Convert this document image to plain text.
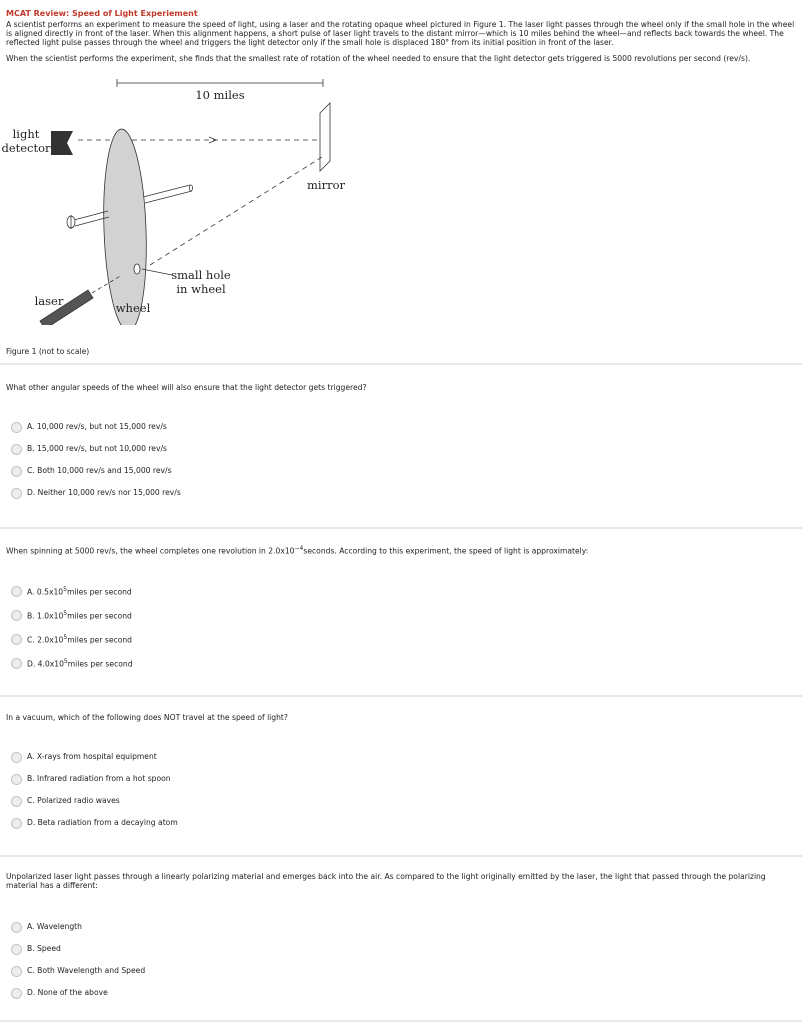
MCAT Review: Speed of Light Experiement

A scientist performs an experiment to measure the speed of light, using a laser and the rotating opaque wheel pictured in Figure 1. The laser light passes through the wheel only if the small hole in the wheel is aligned directly in front of the laser. When this alignment happens, a short pulse of laser light travels to the distant mirror—which is 10 miles behind the wheel—and reflects back towards the wheel. The reflected light pulse passes through the wheel and triggers the light detector only if the small hole is displaced 180° from its initial position in front of the laser.

When the scientist performs the experiment, she finds that the smallest rate of rotation of the wheel needed to ensure that the light detector gets triggered is 5000 revolutions per second (rev/s).

10 miles
light
detector
mirror
small hole
in wheel
laser	wheel
Figure 1 (not to scale)
What other angular speeds of the wheel will also ensure that the light detector gets triggered?
A. 10,000 rev/s, but not 15,000 rev/s
B. 15,000 rev/s, but not 10,000 rev/s
C. Both 10,000 rev/s and 15,000 rev/s
D. Neither 10,000 rev/s nor 15,000 rev/s
When spinning at 5000 rev/s, the wheel completes one revolution in $2.0x10^{-4}seconds$. According to this experiment, the speed of light is approximately:
A. $0.5x10^5miles$ per second
B. $1.0x10^5miles$ per second
C. $2.0x10^5miles$ per second
D. $4.0x10^5miles$ per second
In a vacuum, which of the following does NOT travel at the speed of light?
A. X-rays from hospital equipment
B. Infrared radiation from a hot spoon
C. Polarized radio waves
D. Beta radiation from a decaying atom
Unpolarized laser light passes through a linearly polarizing material and emerges back into the air. As compared to the light originally emitted by the laser, the light that passed through the polarizing material has a different:
A. Wavelength
B. Speed
C. Both Wavelength and Speed
D. None of the above
